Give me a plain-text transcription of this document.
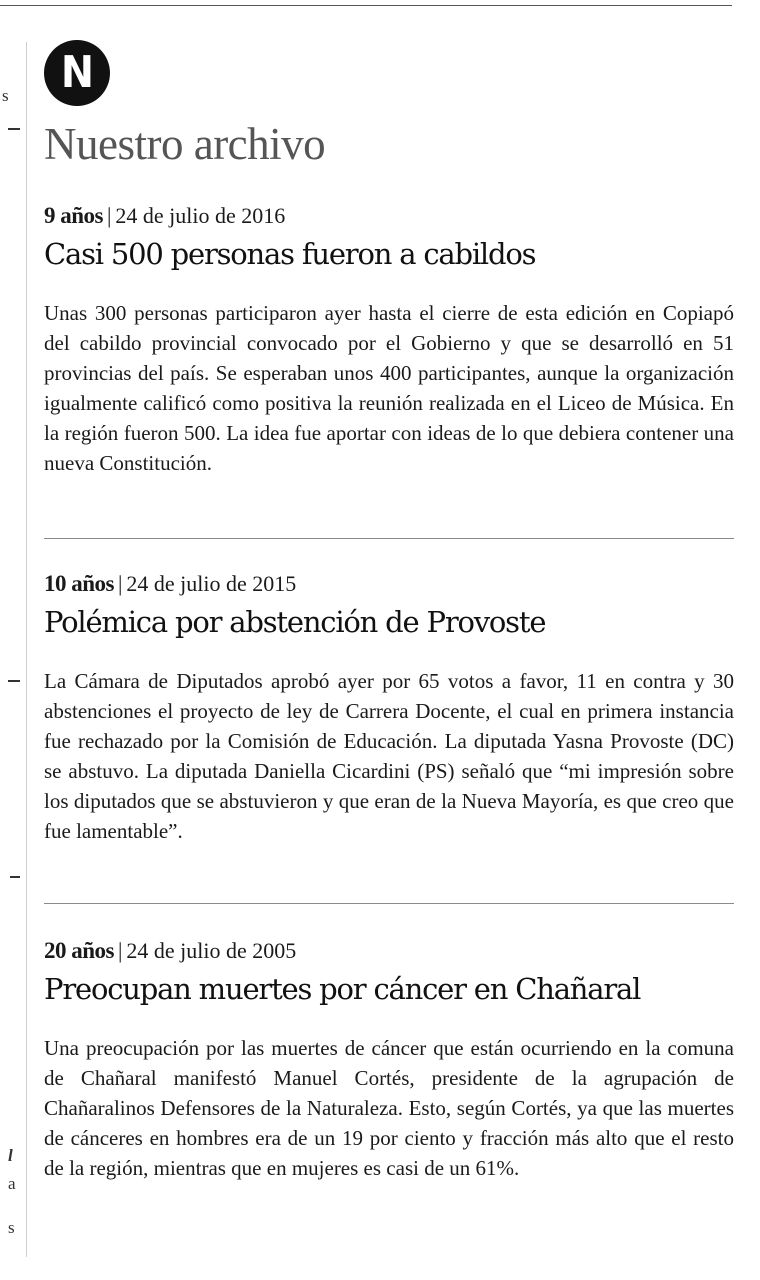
s
l
a
s
N
Nuestro archivo
9 años | 24 de julio de 2016
Casi 500 personas fueron a cabildos

Unas 300 personas participaron ayer hasta el cierre de esta edición en Copiapó del cabildo provincial convocado por el Gobierno y que se desarrolló en 51 provincias del país. Se esperaban unos 400 participantes, aunque la organización igualmente calificó como positiva la reunión realizada en el Liceo de Música. En la región fueron 500. La idea fue aportar con ideas de lo que debiera contener una nueva Constitución.

10 años | 24 de julio de 2015
Polémica por abstención de Provoste

La Cámara de Diputados aprobó ayer por 65 votos a favor, 11 en contra y 30 abstenciones el proyecto de ley de Carrera Docente, el cual en primera instancia fue rechazado por la Comisión de Educación. La diputada Yasna Provoste (DC) se abstuvo. La diputada Daniella Cicardini (PS) señaló que “mi impresión sobre los diputados que se abstuvieron y que eran de la Nueva Mayoría, es que creo que fue lamentable”.

20 años | 24 de julio de 2005
Preocupan muertes por cáncer en Chañaral

Una preocupación por las muertes de cáncer que están ocurriendo en la comuna de Chañaral manifestó Manuel Cortés, presidente de la agrupación de Chañaralinos Defensores de la Naturaleza. Esto, según Cortés, ya que las muertes de cánceres en hombres era de un 19 por ciento y fracción más alto que el resto de la región, mientras que en mujeres es casi de un 61%.
